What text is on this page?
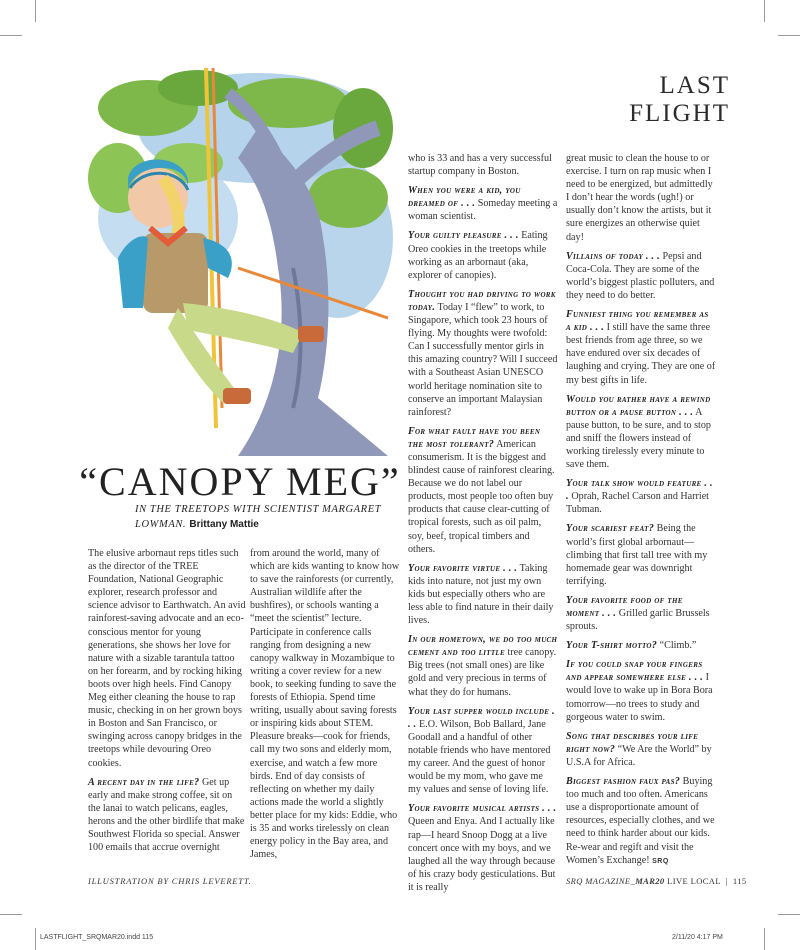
LAST
FLIGHT
“CANOPY MEG”
IN THE TREETOPS WITH SCIENTIST MARGARET LOWMAN. Brittany Mattie

The elusive arbornaut reps titles such as the director of the TREE Foundation, National Geographic explorer, research professor and science advisor to Earthwatch. An avid rainforest-saving advocate and an eco-conscious mentor for young generations, she shows her love for nature with a sizable tarantula tattoo on her forearm, and by rocking hiking boots over high heels. Find Canopy Meg either cleaning the house to rap music, checking in on her grown boys in Boston and San Francisco, or swinging across canopy bridges in the treetops while devouring Oreo cookies.

A recent day in the life? Get up early and make strong coffee, sit on the lanai to watch pelicans, eagles, herons and the other birdlife that make Southwest Florida so special. Answer 100 emails that accrue overnight

from around the world, many of which are kids wanting to know how to save the rainforests (or currently, Australian wildlife after the bushfires), or schools wanting a “meet the scientist” lecture. Participate in conference calls ranging from designing a new canopy walkway in Mozambique to writing a cover review for a new book, to seeking funding to save the forests of Ethiopia. Spend time writing, usually about saving forests or inspiring kids about STEM. Pleasure breaks—cook for friends, call my two sons and elderly mom, exercise, and watch a few more birds. End of day consists of reflecting on whether my daily actions made the world a slightly better place for my kids: Eddie, who is 35 and works tirelessly on clean energy policy in the Bay area, and James,

who is 33 and has a very successful startup company in Boston.

When you were a kid, you dreamed of . . . Someday meeting a woman scientist.

Your guilty pleasure . . . Eating Oreo cookies in the treetops while working as an arbornaut (aka, explorer of canopies).

Thought you had driving to work today. Today I “flew” to work, to Singapore, which took 23 hours of flying. My thoughts were twofold: Can I successfully mentor girls in this amazing country? Will I succeed with a Southeast Asian UNESCO world heritage nomination site to conserve an important Malaysian rainforest?

For what fault have you been the most tolerant? American consumerism. It is the biggest and blindest cause of rainforest clearing. Because we do not label our products, most people too often buy products that cause clear-cutting of tropical forests, such as oil palm, soy, beef, tropical timbers and others.

Your favorite virtue . . . Taking kids into nature, not just my own kids but especially others who are less able to find nature in their daily lives.

In our hometown, we do too much cement and too little tree canopy. Big trees (not small ones) are like gold and very precious in terms of what they do for humans.

Your last supper would include . . . E.O. Wilson, Bob Ballard, Jane Goodall and a handful of other notable friends who have mentored my career. And the guest of honor would be my mom, who gave me my values and sense of loving life.

Your favorite musical artists . . . Queen and Enya. And I actually like rap—I heard Snoop Dogg at a live concert once with my boys, and we laughed all the way through because of his crazy body gesticulations. But it is really

great music to clean the house to or exercise. I turn on rap music when I need to be energized, but admittedly I don’t hear the words (ugh!) or usually don’t know the artists, but it sure energizes an otherwise quiet day!

Villains of today . . . Pepsi and Coca-Cola. They are some of the world’s biggest plastic polluters, and they need to do better.

Funniest thing you remember as a kid . . . I still have the same three best friends from age three, so we have endured over six decades of laughing and crying. They are one of my best gifts in life.

Would you rather have a rewind button or a pause button . . . A pause button, to be sure, and to stop and sniff the flowers instead of working tirelessly every minute to save them.

Your talk show would feature . . . Oprah, Rachel Carson and Harriet Tubman.

Your scariest feat? Being the world’s first global arbornaut—climbing that first tall tree with my homemade gear was downright terrifying.

Your favorite food of the moment . . . Grilled garlic Brussels sprouts.

Your T-shirt motto? “Climb.”

If you could snap your fingers and appear somewhere else . . . I would love to wake up in Bora Bora tomorrow—no trees to study and gorgeous water to swim.

Song that describes your life right now? “We Are the World” by U.S.A for Africa.

Biggest fashion faux pas? Buying too much and too often. Americans use a disproportionate amount of resources, especially clothes, and we need to think harder about our kids. Re-wear and regift and visit the Women’s Exchange! SRQ

ILLUSTRATION BY CHRIS LEVERETT.	SRQ MAGAZINE_MAR20 LIVE LOCAL | 115
LASTFLIGHT_SRQMAR20.indd 115	2/11/20 4:17 PM
